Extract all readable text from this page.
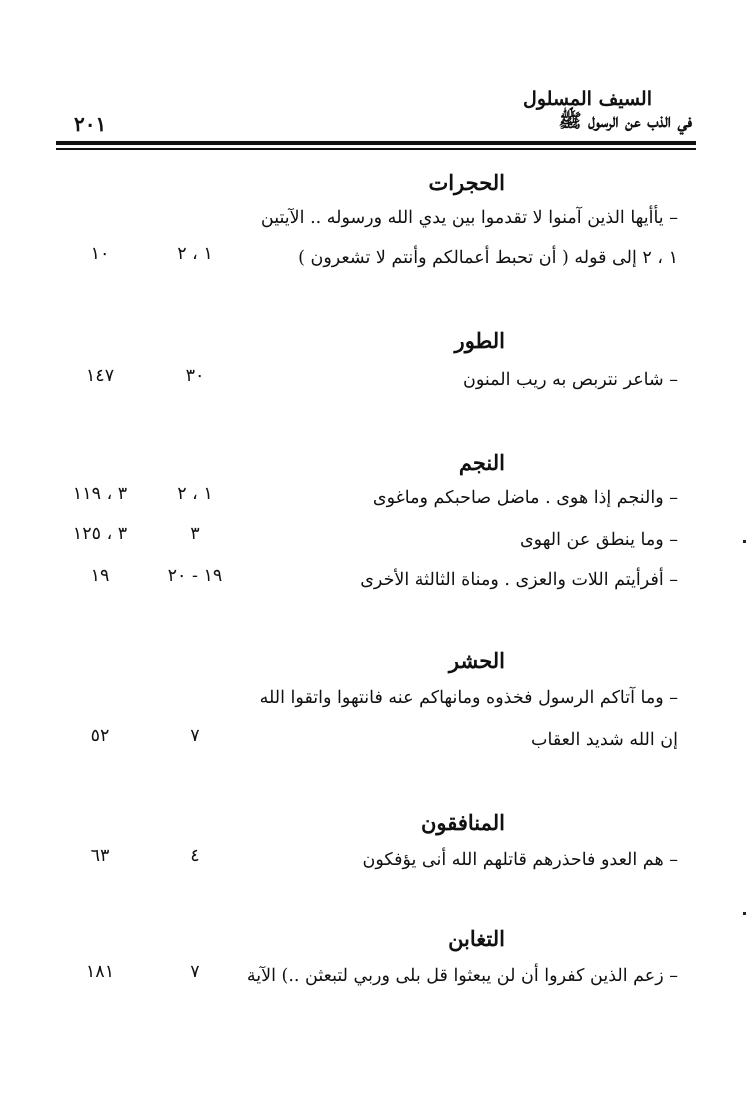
السيف المسلول
في الذب عن الرسول ﷺ
٢٠١
الحجرات
– يأأيها الذين آمنوا لا تقدموا بين يدي الله ورسوله .. الآيتين
١ ، ٢ إلى قوله ( أن تحبط أعمالكم وأنتم لا تشعرون )
١ ، ٢
١٠
الطور
– شاعر نتربص به ريب المنون
٣٠
١٤٧
النجم
– والنجم إذا هوى . ماضل صاحبكم وماغوى
١ ، ٢
٣ ، ١١٩
– وما ينطق عن الهوى
٣
٣ ، ١٢٥
– أفرأيتم اللات والعزى . ومناة الثالثة الأخرى
١٩ - ٢٠
١٩
الحشر
– وما آتاكم الرسول فخذوه ومانهاكم عنه فانتهوا واتقوا الله
إن الله شديد العقاب
٧
٥٢
المنافقون
– هم العدو فاحذرهم قاتلهم الله أنى يؤفكون
٤
٦٣
التغابن
– زعم الذين كفروا أن لن يبعثوا قل بلى وربي لتبعثن ..) الآية
٧
١٨١
